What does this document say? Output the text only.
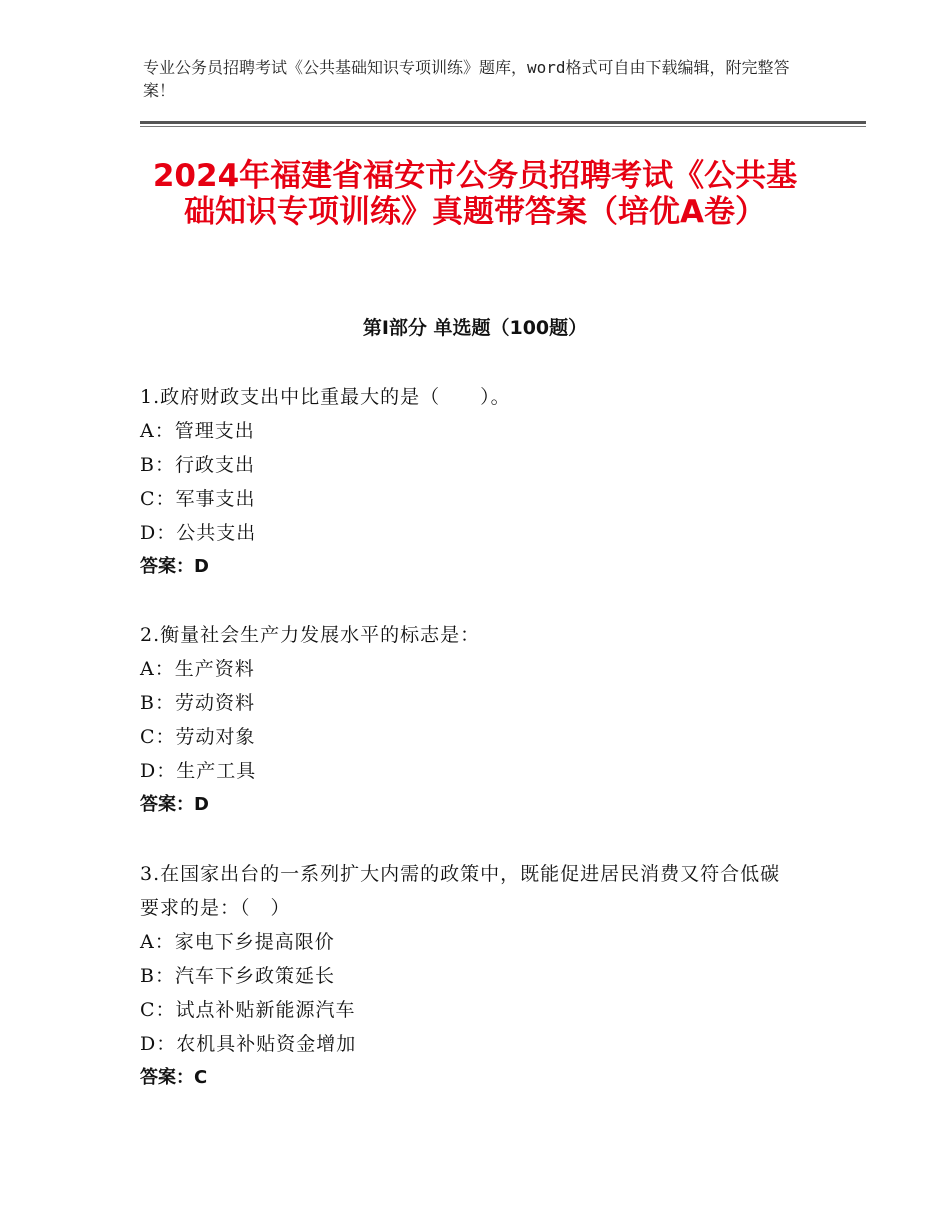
专业公务员招聘考试《公共基础知识专项训练》题库，word格式可自由下载编辑，附完整答案！
2024年福建省福安市公务员招聘考试《公共基础知识专项训练》真题带答案（培优A卷）
第Ⅰ部分 单选题（100题）
1.政府财政支出中比重最大的是（　　）。
A：管理支出
B：行政支出
C：军事支出
D：公共支出
答案：D
2.衡量社会生产力发展水平的标志是：
A：生产资料
B：劳动资料
C：劳动对象
D：生产工具
答案：D
3.在国家出台的一系列扩大内需的政策中，既能促进居民消费又符合低碳要求的是：（　）
A：家电下乡提高限价
B：汽车下乡政策延长
C：试点补贴新能源汽车
D：农机具补贴资金增加
答案：C
